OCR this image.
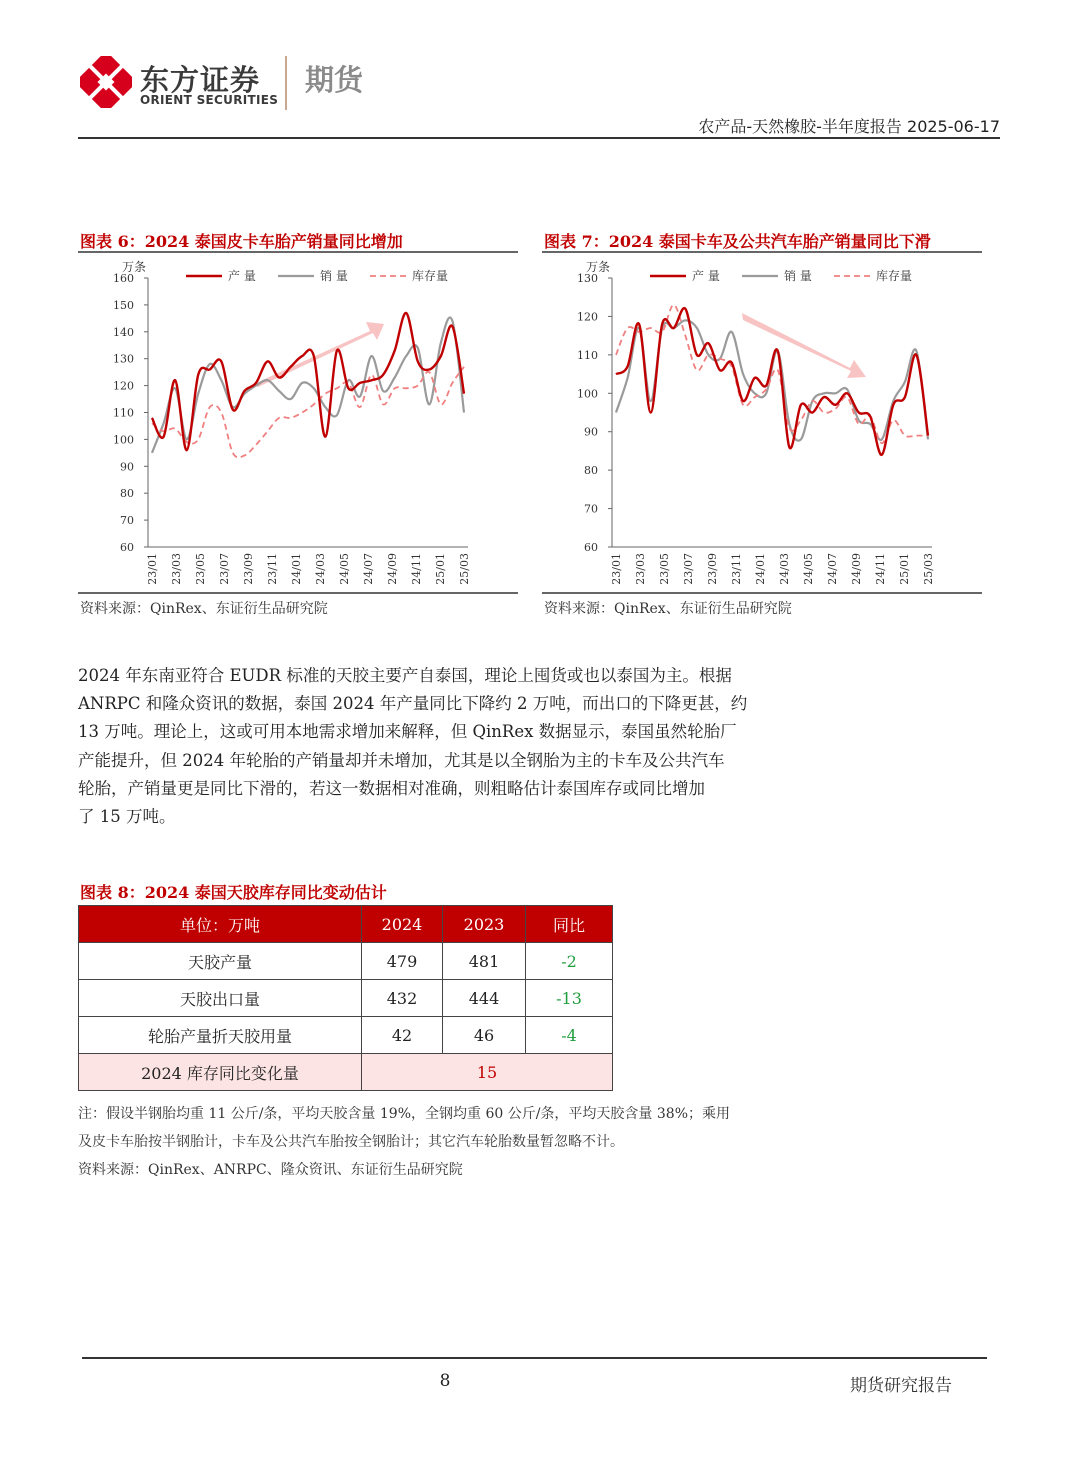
东方证券
ORIENT SECURITIES
期货
农产品-天然橡胶-半年度报告 2025-06-17
图表 6：2024 泰国皮卡车胎产销量同比增加
万条
160
150
140
130
120
110
100
90
80
70
60
23/01 23/03 23/05 23/07 23/09 23/11 24/01 24/03 24/05 24/07 24/09 24/11 25/01 25/03
产 量	销 量	库存量
资料来源：QinRex、东证衍生品研究院
图表 7：2024 泰国卡车及公共汽车胎产销量同比下滑
万条
130
120
110
100
90
80
70
60
23/01 23/03 23/05 23/07 23/09 23/11 24/01 24/03 24/05 24/07 24/09 24/11 25/01 25/03
产 量	销 量	库存量
资料来源：QinRex、东证衍生品研究院
2024 年东南亚符合 EUDR 标准的天胶主要产自泰国，理论上囤货或也以泰国为主。根据
ANRPC 和隆众资讯的数据，泰国 2024 年产量同比下降约 2 万吨，而出口的下降更甚，约
13 万吨。理论上，这或可用本地需求增加来解释，但 QinRex 数据显示，泰国虽然轮胎厂
产能提升，但 2024 年轮胎的产销量却并未增加，尤其是以全钢胎为主的卡车及公共汽车
轮胎，产销量更是同比下滑的，若这一数据相对准确，则粗略估计泰国库存或同比增加
了 15 万吨。
图表 8：2024 泰国天胶库存同比变动估计
单位：万吨	2024	2023	同比
天胶产量	479	481	-2
天胶出口量	432	444	-13
轮胎产量折天胶用量	42	46	-4
2024 库存同比变化量	15		
注：假设半钢胎均重 11 公斤/条，平均天胶含量 19%，全钢均重 60 公斤/条，平均天胶含量 38%；乘用
及皮卡车胎按半钢胎计，卡车及公共汽车胎按全钢胎计；其它汽车轮胎数量暂忽略不计。
资料来源：QinRex、ANRPC、隆众资讯、东证衍生品研究院
8	期货研究报告
